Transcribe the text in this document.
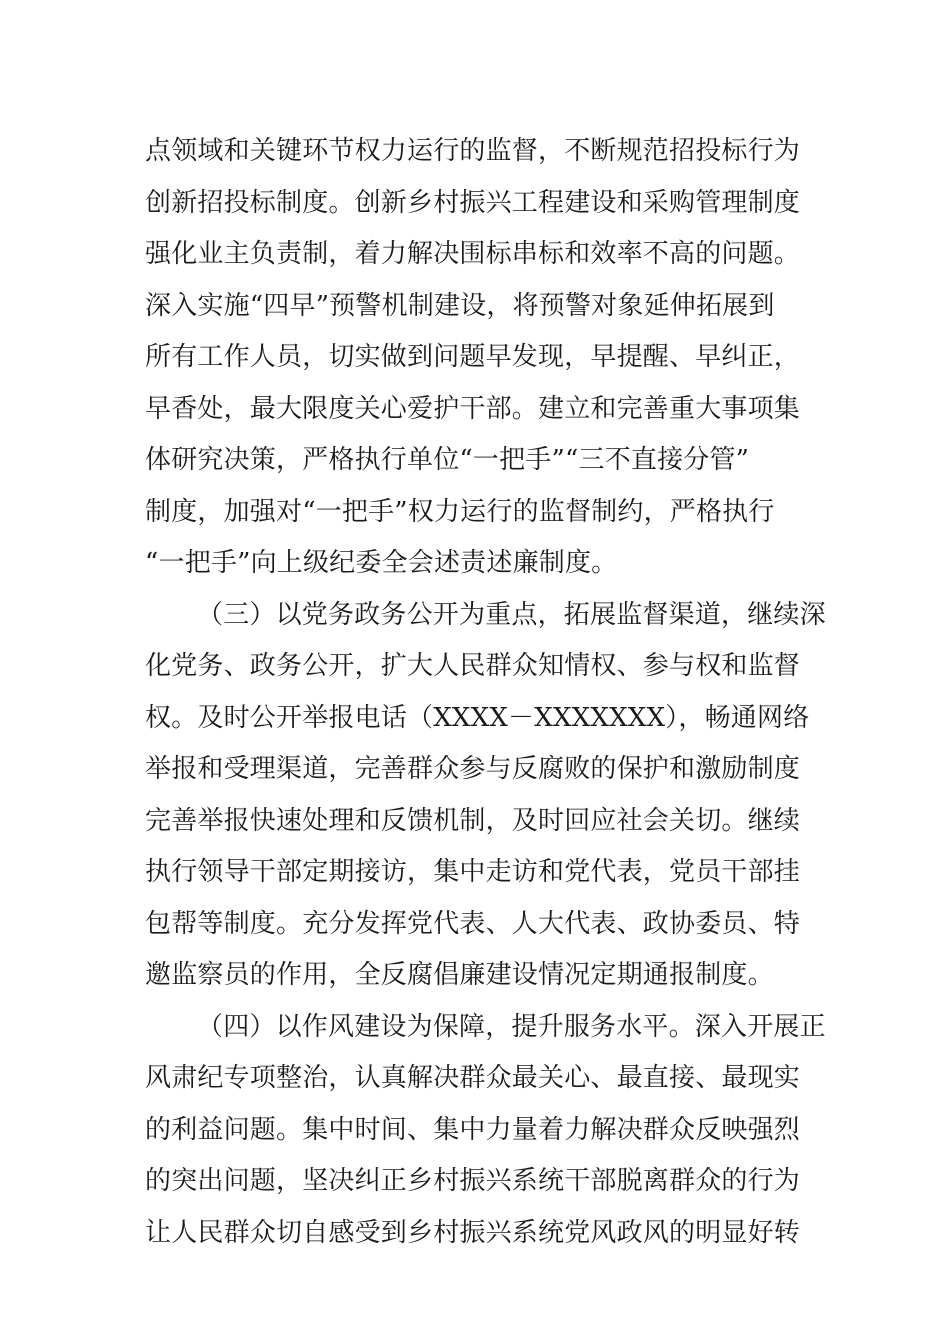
点领域和关键环节权力运行的监督，不断规范招投标行为
创新招投标制度。创新乡村振兴工程建设和采购管理制度
强化业主负责制，着力解决围标串标和效率不高的问题。
深入实施“四早”预警机制建设，将预警对象延伸拓展到
所有工作人员，切实做到问题早发现，早提醒、早纠正，
早香处，最大限度关心爱护干部。建立和完善重大事项集
体研究决策，严格执行单位“一把手”“三不直接分管”
制度，加强对“一把手”权力运行的监督制约，严格执行
“一把手”向上级纪委全会述责述廉制度。
（三）以党务政务公开为重点，拓展监督渠道，继续深
化党务、政务公开，扩大人民群众知情权、参与权和监督
权。及时公开举报电话（XXXX－XXXXXXX），畅通网络
举报和受理渠道，完善群众参与反腐败的保护和激励制度
完善举报快速处理和反馈机制，及时回应社会关切。继续
执行领导干部定期接访，集中走访和党代表，党员干部挂
包帮等制度。充分发挥党代表、人大代表、政协委员、特
邀监察员的作用，全反腐倡廉建设情况定期通报制度。
（四）以作风建设为保障，提升服务水平。深入开展正
风肃纪专项整治，认真解决群众最关心、最直接、最现实
的利益问题。集中时间、集中力量着力解决群众反映强烈
的突出问题，坚决纠正乡村振兴系统干部脱离群众的行为
让人民群众切自感受到乡村振兴系统党风政风的明显好转
